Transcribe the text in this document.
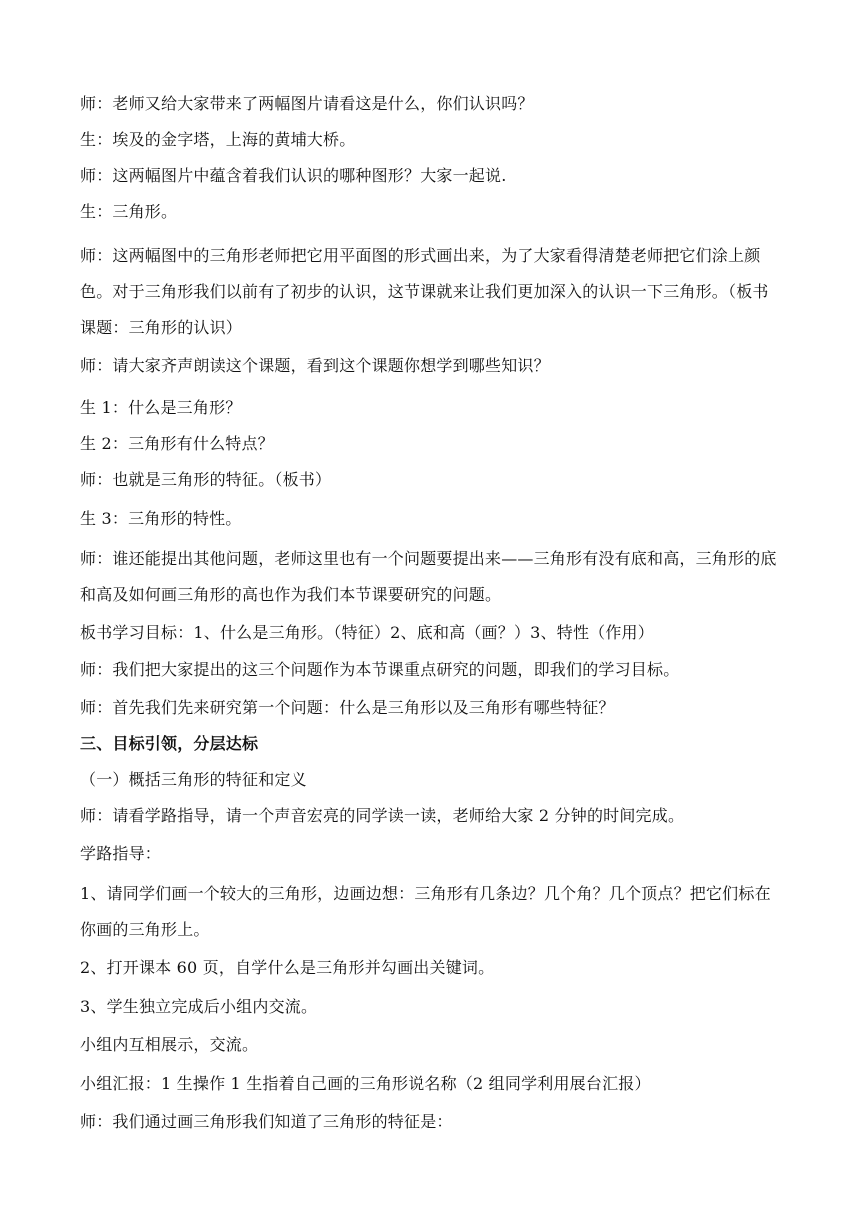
师：老师又给大家带来了两幅图片请看这是什么，你们认识吗？

生：埃及的金字塔，上海的黄埔大桥。

师：这两幅图片中蕴含着我们认识的哪种图形？大家一起说.

生：三角形。

师：这两幅图中的三角形老师把它用平面图的形式画出来，为了大家看得清楚老师把它们涂上颜色。对于三角形我们以前有了初步的认识，这节课就来让我们更加深入的认识一下三角形。（板书课题：三角形的认识）

师：请大家齐声朗读这个课题，看到这个课题你想学到哪些知识？

生 1：什么是三角形？

生 2：三角形有什么特点？

师：也就是三角形的特征。（板书）

生 3：三角形的特性。

师：谁还能提出其他问题，老师这里也有一个问题要提出来——三角形有没有底和高，三角形的底和高及如何画三角形的高也作为我们本节课要研究的问题。

板书学习目标：1、什么是三角形。（特征）2、底和高（画？）3、特性（作用）

师：我们把大家提出的这三个问题作为本节课重点研究的问题，即我们的学习目标。

师：首先我们先来研究第一个问题：什么是三角形以及三角形有哪些特征？

三、目标引领，分层达标

（一）概括三角形的特征和定义

师：请看学路指导，请一个声音宏亮的同学读一读，老师给大家 2 分钟的时间完成。

学路指导：

1、请同学们画一个较大的三角形，边画边想：三角形有几条边？几个角？几个顶点？把它们标在你画的三角形上。

2、打开课本 60 页，自学什么是三角形并勾画出关键词。

3、学生独立完成后小组内交流。

小组内互相展示，交流。

小组汇报：1 生操作 1 生指着自己画的三角形说名称（2 组同学利用展台汇报）

师：我们通过画三角形我们知道了三角形的特征是：
